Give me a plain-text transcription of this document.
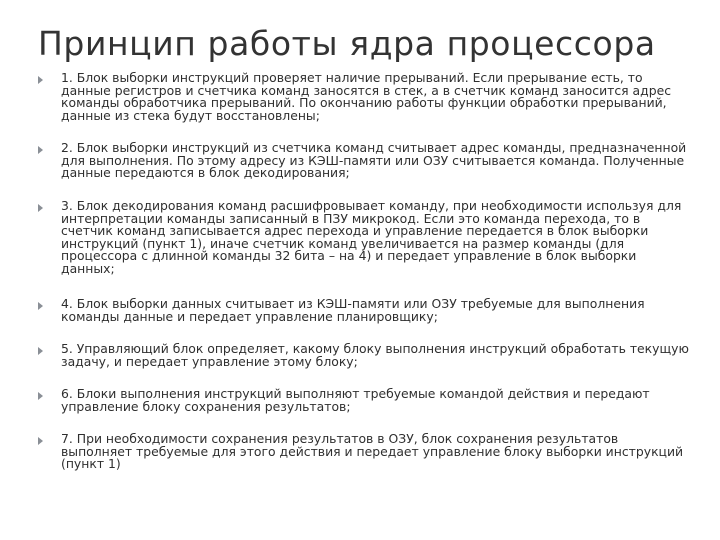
Принцип работы ядра процессора
1. Блок выборки инструкций проверяет наличие прерываний. Если прерывание есть, то данные регистров и счетчика команд заносятся в стек, а в счетчик команд заносится адрес команды обработчика прерываний. По окончанию работы функции обработки прерываний, данные из стека будут восстановлены;
2. Блок выборки инструкций из счетчика команд считывает адрес команды, предназначенной для выполнения. По этому адресу из КЭШ-памяти или ОЗУ считывается команда. Полученные данные передаются в блок декодирования;
3. Блок декодирования команд расшифровывает команду, при необходимости используя для интерпретации команды записанный в ПЗУ микрокод. Если это команда перехода, то в счетчик команд записывается адрес перехода и управление передается в блок выборки инструкций (пункт 1), иначе счетчик команд увеличивается на размер команды (для процессора с длинной команды 32 бита – на 4) и передает управление в блок выборки данных;
4. Блок выборки данных считывает из КЭШ-памяти или ОЗУ требуемые для выполнения команды данные и передает управление планировщику;
5. Управляющий блок определяет, какому блоку выполнения инструкций обработать текущую задачу, и передает управление этому блоку;
6. Блоки выполнения инструкций выполняют требуемые командой действия и передают управление блоку сохранения результатов;
7. При необходимости сохранения результатов в ОЗУ, блок сохранения результатов выполняет требуемые для этого действия и передает управление блоку выборки инструкций (пункт 1)
